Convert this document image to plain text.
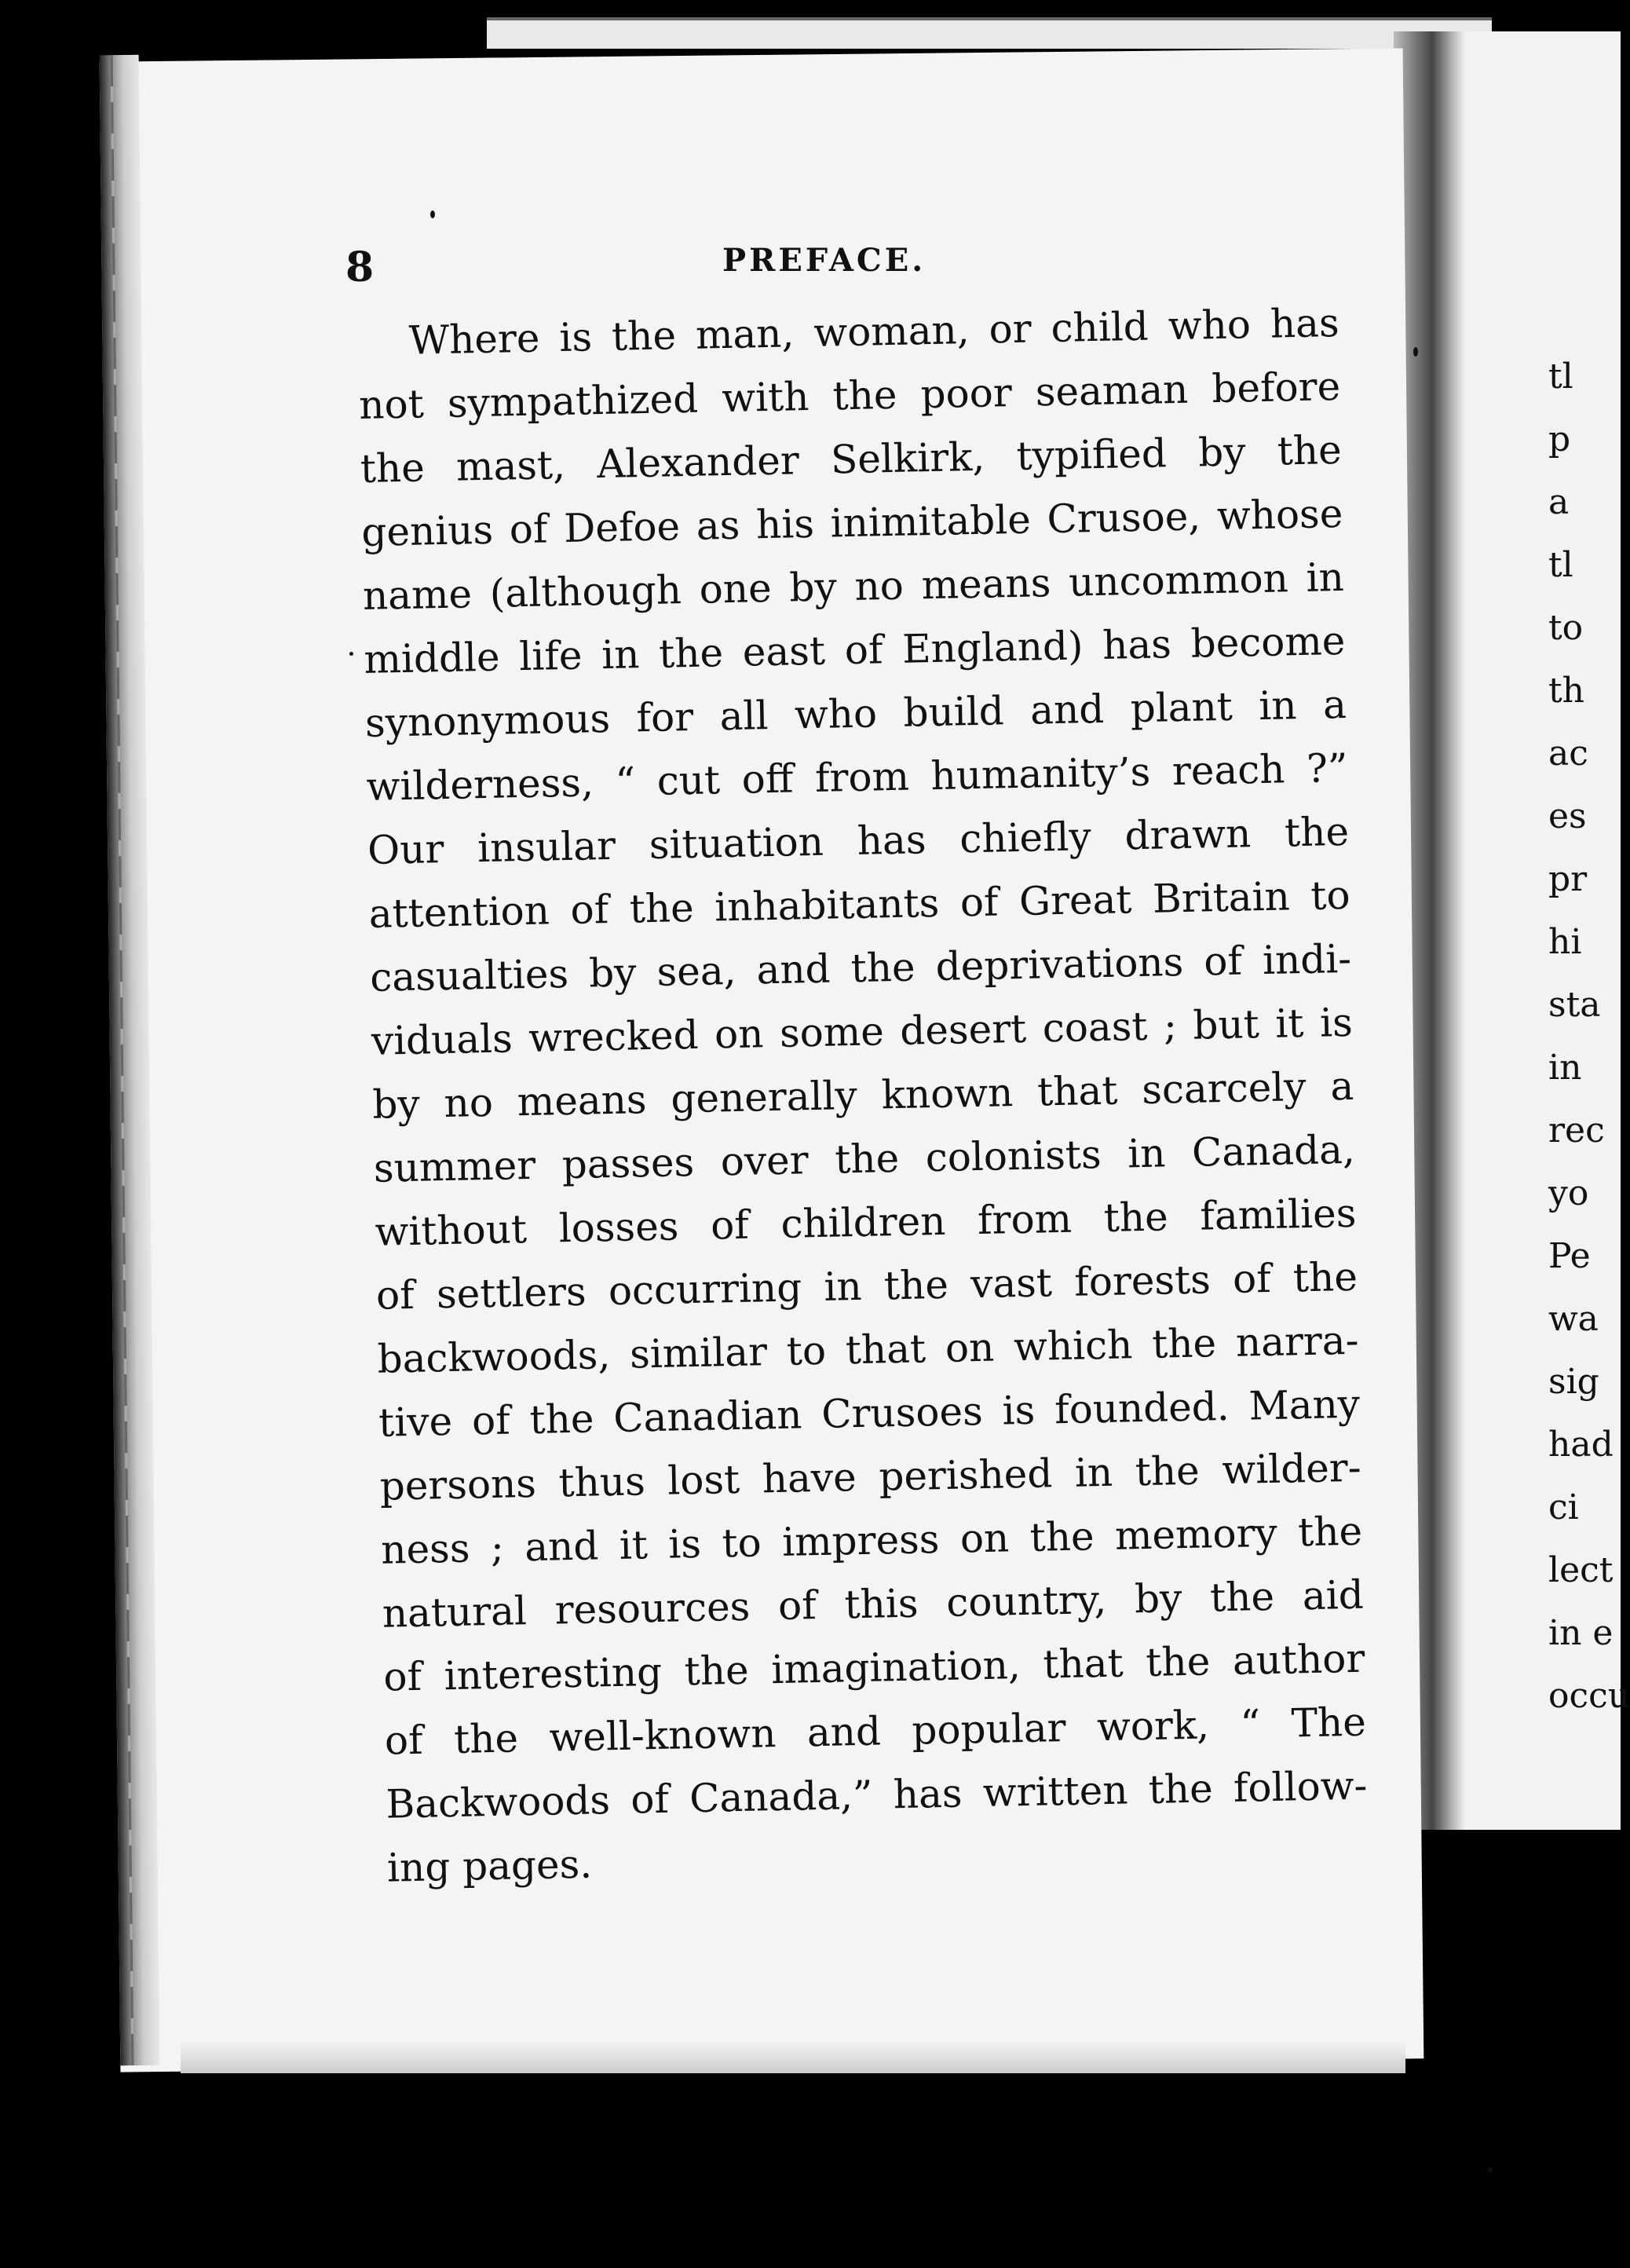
tl
p
a
tl
to
th
ac
es
pr
hi
sta
in
rec
yo
Pe
wa
sig
had
ci
lect
in e
occu
8	PREFACE.
Where is the man, woman, or child who has
not sympathized with the poor seaman before
the mast, Alexander Selkirk, typified by the
genius of Defoe as his inimitable Crusoe, whose
name (although one by no means uncommon in
middle life in the east of England) has become
synonymous for all who build and plant in a
wilderness, “ cut off from humanity’s reach ?”
Our insular situation has chiefly drawn the
attention of the inhabitants of Great Britain to
casualties by sea, and the deprivations of indi-
viduals wrecked on some desert coast ; but it is
by no means generally known that scarcely a
summer passes over the colonists in Canada,
without losses of children from the families
of settlers occurring in the vast forests of the
backwoods, similar to that on which the narra-
tive of the Canadian Crusoes is founded. Many
persons thus lost have perished in the wilder-
ness ; and it is to impress on the memory the
natural resources of this country, by the aid
of interesting the imagination, that the author
of the well-known and popular work, “ The
Backwoods of Canada,” has written the follow-
ing pages.
